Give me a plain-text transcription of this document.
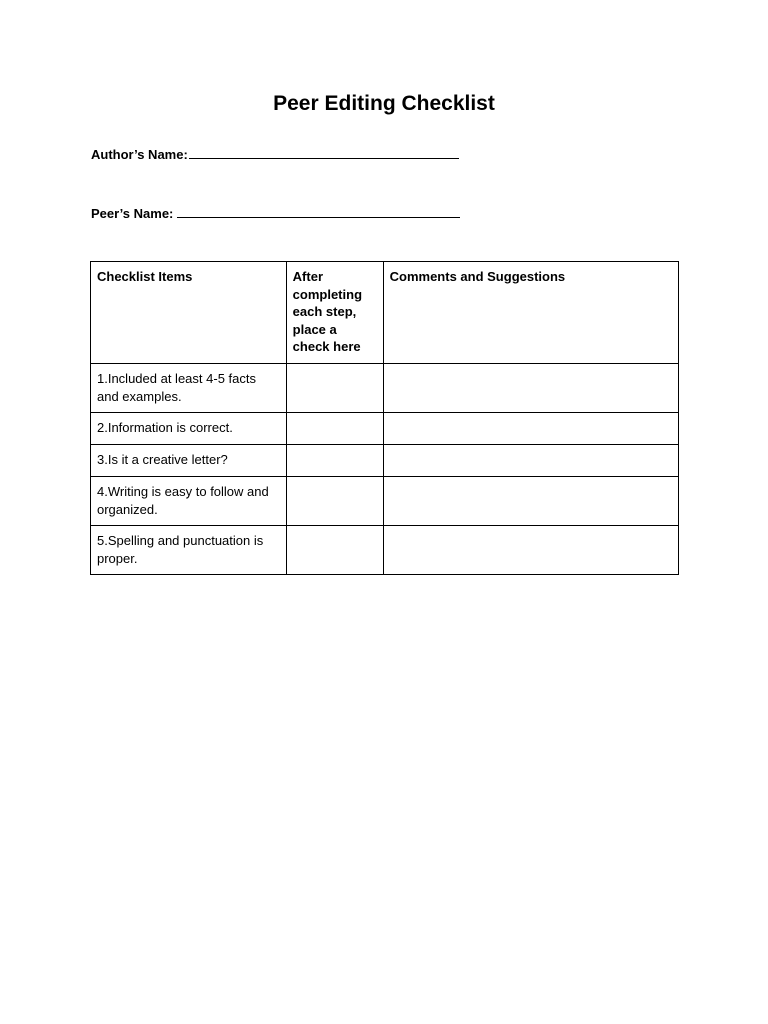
Peer Editing Checklist
Author’s Name:
Peer’s Name:
Checklist Items	After completing each step, place a check here	Comments and Suggestions
1.Included at least 4-5 facts and examples.		
2.Information is correct.		
3.Is it a creative letter?		
4.Writing is easy to follow and organized.		
5.Spelling and punctuation is proper.		
